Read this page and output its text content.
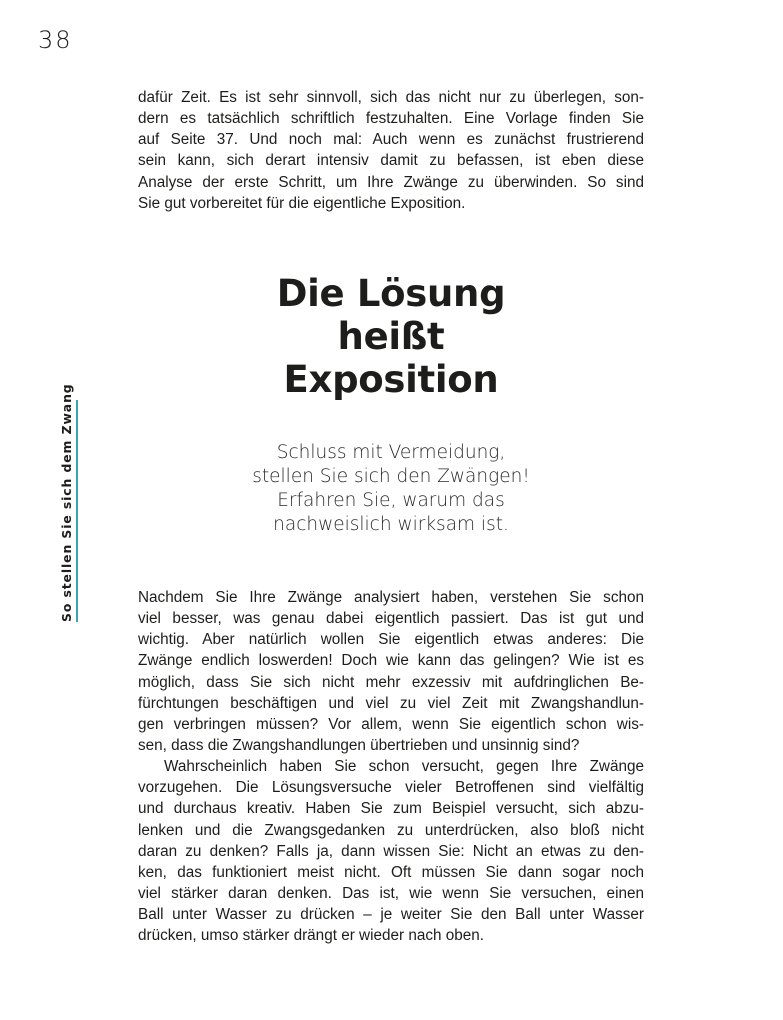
38
So stellen Sie sich dem Zwang
dafür Zeit. Es ist sehr sinnvoll, sich das nicht nur zu überlegen, son-
dern es tatsächlich schriftlich festzuhalten. Eine Vorlage finden Sie
auf Seite 37. Und noch mal: Auch wenn es zunächst frustrierend
sein kann, sich derart intensiv damit zu befassen, ist eben diese
Analyse der erste Schritt, um Ihre Zwänge zu überwinden. So sind
Sie gut vorbereitet für die eigentliche Exposition.
Die Lösung
heißt
Exposition
Schluss mit Vermeidung,
stellen Sie sich den Zwängen!
Erfahren Sie, warum das
nachweislich wirksam ist.
Nachdem Sie Ihre Zwänge analysiert haben, verstehen Sie schon
viel besser, was genau dabei eigentlich passiert. Das ist gut und
wichtig. Aber natürlich wollen Sie eigentlich etwas anderes: Die
Zwänge endlich loswerden! Doch wie kann das gelingen? Wie ist es
möglich, dass Sie sich nicht mehr exzessiv mit aufdringlichen Be-
fürchtungen beschäftigen und viel zu viel Zeit mit Zwangshandlun-
gen verbringen müssen? Vor allem, wenn Sie eigentlich schon wis-
sen, dass die Zwangshandlungen übertrieben und unsinnig sind?
Wahrscheinlich haben Sie schon versucht, gegen Ihre Zwänge
vorzugehen. Die Lösungsversuche vieler Betroffenen sind vielfältig
und durchaus kreativ. Haben Sie zum Beispiel versucht, sich abzu-
lenken und die Zwangsgedanken zu unterdrücken, also bloß nicht
daran zu denken? Falls ja, dann wissen Sie: Nicht an etwas zu den-
ken, das funktioniert meist nicht. Oft müssen Sie dann sogar noch
viel stärker daran denken. Das ist, wie wenn Sie versuchen, einen
Ball unter Wasser zu drücken – je weiter Sie den Ball unter Wasser
drücken, umso stärker drängt er wieder nach oben.
